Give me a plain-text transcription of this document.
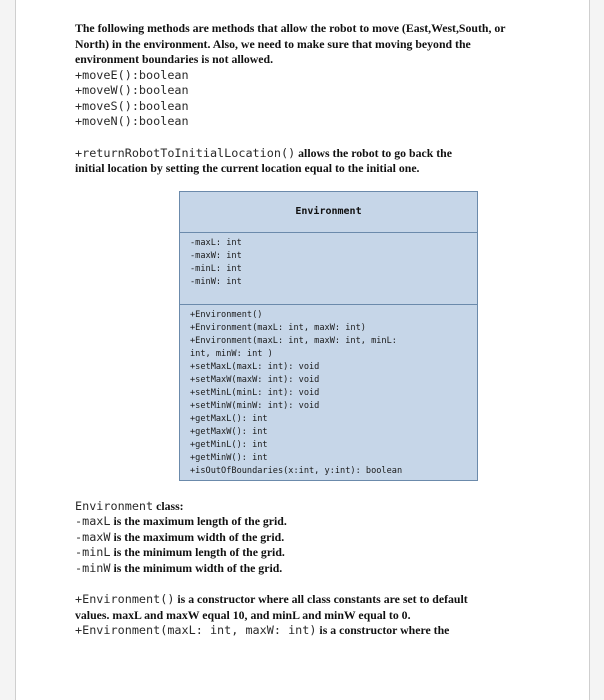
The following methods are methods that allow the robot to move (East,West,South, or
North) in the environment. Also, we need to make sure that moving beyond the
environment boundaries is not allowed.

+moveE():boolean
+moveW():boolean
+moveS():boolean
+moveN():boolean

+returnRobotToInitialLocation() allows the robot to go back the
initial location by setting the current location equal to the initial one.

Environment class:

-maxL is the maximum length of the grid.
-maxW is the maximum width of the grid.
-minL is the minimum length of the grid.
-minW is the minimum width of the grid.

+Environment() is a constructor where all class constants are set to default
values. maxL and maxW equal 10, and minL and minW equal to 0.
+Environment(maxL: int, maxW: int) is a constructor where the

Environment
-maxL: int
-maxW: int
-minL: int
-minW: int
+Environment()
+Environment(maxL: int, maxW: int)
+Environment(maxL: int, maxW: int, minL:
int, minW: int )
+setMaxL(maxL: int): void
+setMaxW(maxW: int): void
+setMinL(minL: int): void
+setMinW(minW: int): void
+getMaxL(): int
+getMaxW(): int
+getMinL(): int
+getMinW(): int
+isOutOfBoundaries(x:int, y:int): boolean
